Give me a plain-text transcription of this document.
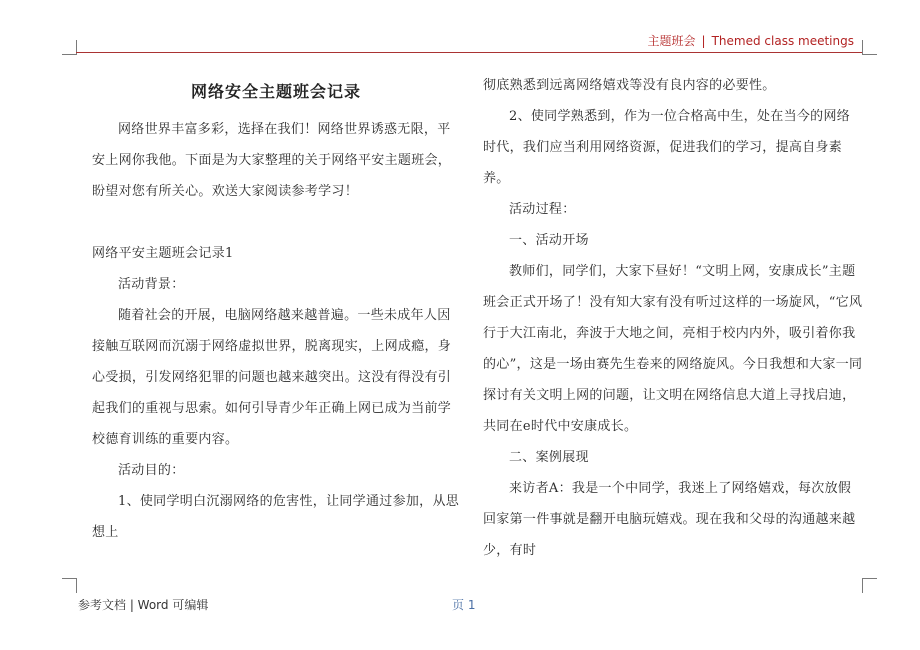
主题班会 | Themed class meetings

网络安全主题班会记录

网络世界丰富多彩，选择在我们！网络世界诱惑无限，平安上网你我他。下面是为大家整理的关于网络平安主题班会，盼望对您有所关心。欢送大家阅读参考学习！

网络平安主题班会记录1

活动背景：

随着社会的开展，电脑网络越来越普遍。一些未成年人因接触互联网而沉溺于网络虚拟世界，脱离现实，上网成瘾，身心受损，引发网络犯罪的问题也越来越突出。这没有得没有引起我们的重视与思索。如何引导青少年正确上网已成为当前学校德育训练的重要内容。

活动目的：

1、使同学明白沉溺网络的危害性，让同学通过参加，从思想上

彻底熟悉到远离网络嬉戏等没有良内容的必要性。

2、使同学熟悉到，作为一位合格高中生，处在当今的网络时代，我们应当利用网络资源，促进我们的学习，提高自身素养。

活动过程：

一、活动开场

教师们，同学们，大家下昼好！“文明上网，安康成长”主题班会正式开场了！没有知大家有没有听过这样的一场旋风，“它风行于大江南北，奔波于大地之间，亮相于校内内外，吸引着你我的心”，这是一场由赛先生卷来的网络旋风。今日我想和大家一同探讨有关文明上网的问题，让文明在网络信息大道上寻找启迪，共同在e时代中安康成长。

二、案例展现

来访者A：我是一个中同学，我迷上了网络嬉戏，每次放假回家第一件事就是翻开电脑玩嬉戏。现在我和父母的沟通越来越少，有时

参考文档 | Word 可编辑	页 1
